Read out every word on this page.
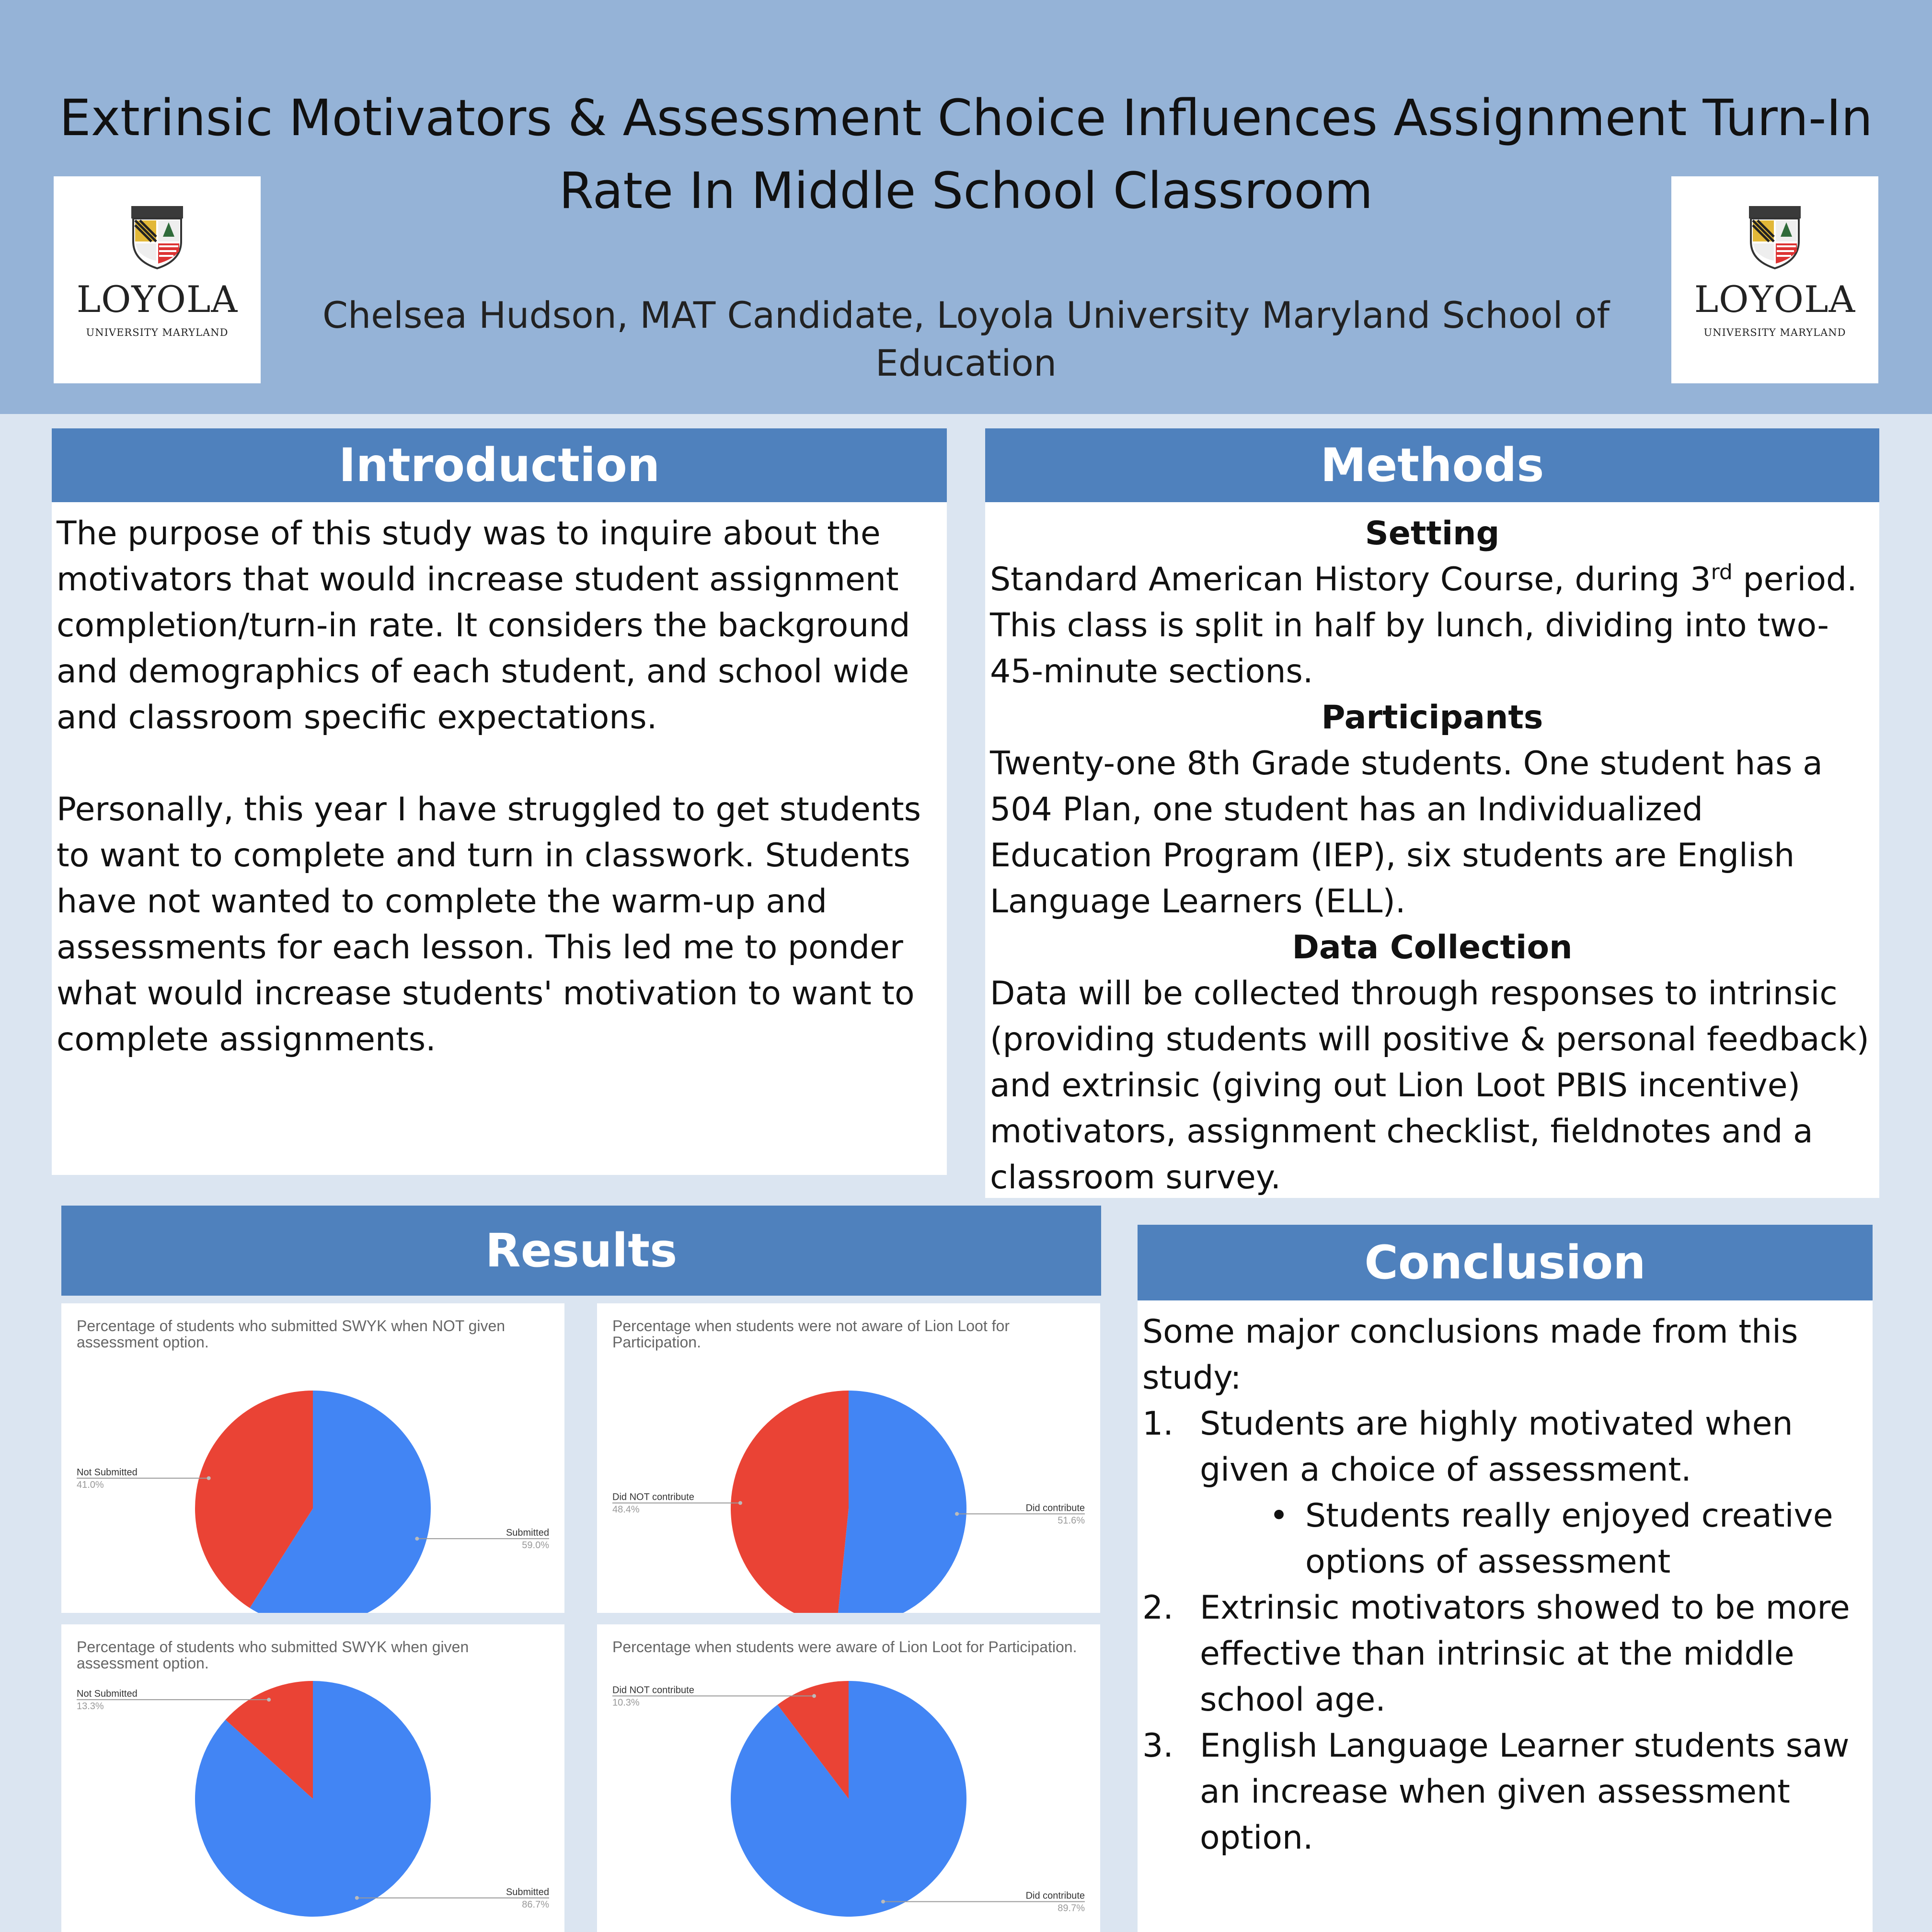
Extrinsic Motivators & Assessment Choice Influences Assignment Turn-In
Rate In Middle School Classroom
Chelsea Hudson, MAT Candidate, Loyola University Maryland School of Education
LOYOLA
UNIVERSITY MARYLAND
LOYOLA
UNIVERSITY MARYLAND
Introduction

The purpose of this study was to inquire about the motivators that would increase student assignment completion/turn-in rate. It considers the background and demographics of each student, and school wide and classroom specific expectations.

Personally, this year I have struggled to get students to want to complete and turn in classwork. Students have not wanted to complete the warm-up and assessments for each lesson. This led me to ponder what would increase students' motivation to want to complete assignments.

Methods

Setting

Standard American History Course, during 3rd period. This class is split in half by lunch, dividing into two-45-minute sections.

Participants

Twenty-one 8th Grade students. One student has a 504 Plan, one student has an Individualized Education Program (IEP), six students are English Language Learners (ELL).

Data Collection

Data will be collected through responses to intrinsic (providing students will positive & personal feedback) and extrinsic (giving out Lion Loot PBIS incentive) motivators, assignment checklist, fieldnotes and a classroom survey.

Results
Submitted
59.0%
Not Submitted
41.0%
Percentage of students who submitted SWYK when NOT given assessment option.
Did contribute
51.6%
Did NOT contribute
48.4%
Percentage when students were not aware of Lion Loot for Participation.
Submitted
86.7%
Not Submitted
13.3%
Percentage of students who submitted SWYK when given assessment option.
Did contribute
89.7%
Did NOT contribute
10.3%
Percentage when students were aware of Lion Loot for Participation.
Conclusion

Some major conclusions made from this study:

1. Students are highly motivated when given a choice of assessment.
• Students really enjoyed creative options of assessment
2. Extrinsic motivators showed to be more effective than intrinsic at the middle school age.
3. English Language Learner students saw an increase when given assessment option.
